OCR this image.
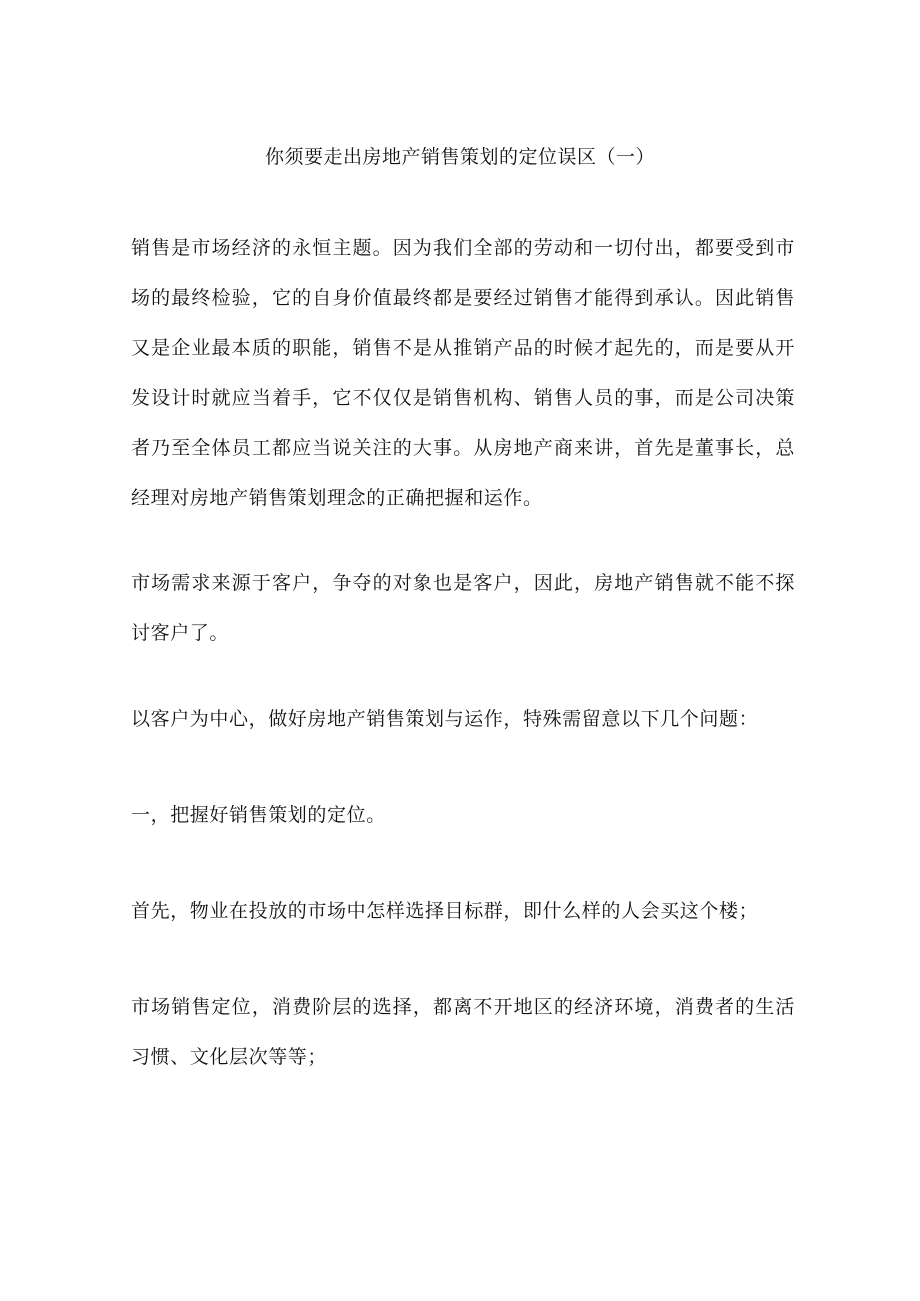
你须要走出房地产销售策划的定位误区（一）

销售是市场经济的永恒主题。因为我们全部的劳动和一切付出，都要受到市场的最终检验，它的自身价值最终都是要经过销售才能得到承认。因此销售又是企业最本质的职能，销售不是从推销产品的时候才起先的，而是要从开发设计时就应当着手，它不仅仅是销售机构、销售人员的事，而是公司决策者乃至全体员工都应当说关注的大事。从房地产商来讲，首先是董事长，总经理对房地产销售策划理念的正确把握和运作。

市场需求来源于客户，争夺的对象也是客户，因此，房地产销售就不能不探讨客户了。

以客户为中心，做好房地产销售策划与运作，特殊需留意以下几个问题：

一，把握好销售策划的定位。

首先，物业在投放的市场中怎样选择目标群，即什么样的人会买这个楼；

市场销售定位，消费阶层的选择，都离不开地区的经济环境，消费者的生活习惯、文化层次等等；
